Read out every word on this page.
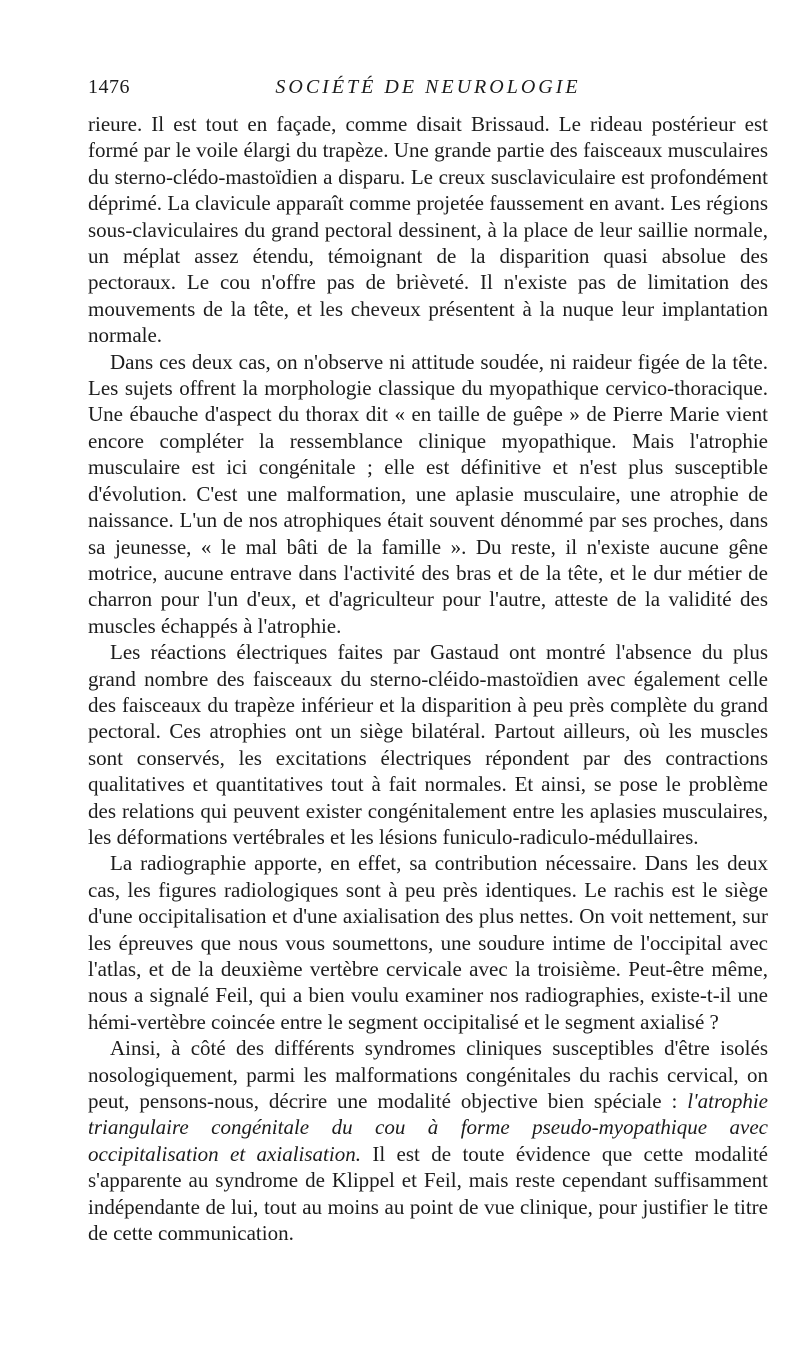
1476	SOCIÉTÉ DE NEUROLOGIE

rieure. Il est tout en façade, comme disait Brissaud. Le rideau postérieur est formé par le voile élargi du trapèze. Une grande partie des faisceaux musculaires du sterno-clédo-mastoïdien a disparu. Le creux susclaviculaire est profondément déprimé. La clavicule apparaît comme projetée faussement en avant. Les régions sous-claviculaires du grand pectoral dessinent, à la place de leur saillie normale, un méplat assez étendu, témoignant de la disparition quasi absolue des pectoraux. Le cou n'offre pas de brièveté. Il n'existe pas de limitation des mouvements de la tête, et les cheveux présentent à la nuque leur implantation normale.

Dans ces deux cas, on n'observe ni attitude soudée, ni raideur figée de la tête. Les sujets offrent la morphologie classique du myopathique cervico-thoracique. Une ébauche d'aspect du thorax dit « en taille de guêpe » de Pierre Marie vient encore compléter la ressemblance clinique myopathique. Mais l'atrophie musculaire est ici congénitale ; elle est définitive et n'est plus susceptible d'évolution. C'est une malformation, une aplasie musculaire, une atrophie de naissance. L'un de nos atrophiques était souvent dénommé par ses proches, dans sa jeunesse, « le mal bâti de la famille ». Du reste, il n'existe aucune gêne motrice, aucune entrave dans l'activité des bras et de la tête, et le dur métier de charron pour l'un d'eux, et d'agriculteur pour l'autre, atteste de la validité des muscles échappés à l'atrophie.

Les réactions électriques faites par Gastaud ont montré l'absence du plus grand nombre des faisceaux du sterno-cléido-mastoïdien avec également celle des faisceaux du trapèze inférieur et la disparition à peu près complète du grand pectoral. Ces atrophies ont un siège bilatéral. Partout ailleurs, où les muscles sont conservés, les excitations électriques répondent par des contractions qualitatives et quantitatives tout à fait normales. Et ainsi, se pose le problème des relations qui peuvent exister congénitalement entre les aplasies musculaires, les déformations vertébrales et les lésions funiculo-radiculo-médullaires.

La radiographie apporte, en effet, sa contribution nécessaire. Dans les deux cas, les figures radiologiques sont à peu près identiques. Le rachis est le siège d'une occipitalisation et d'une axialisation des plus nettes. On voit nettement, sur les épreuves que nous vous soumettons, une soudure intime de l'occipital avec l'atlas, et de la deuxième vertèbre cervicale avec la troisième. Peut-être même, nous a signalé Feil, qui a bien voulu examiner nos radiographies, existe-t-il une hémi-vertèbre coincée entre le segment occipitalisé et le segment axialisé ?

Ainsi, à côté des différents syndromes cliniques susceptibles d'être isolés nosologiquement, parmi les malformations congénitales du rachis cervical, on peut, pensons-nous, décrire une modalité objective bien spéciale : l'atrophie triangulaire congénitale du cou à forme pseudo-myopathique avec occipitalisation et axialisation. Il est de toute évidence que cette modalité s'apparente au syndrome de Klippel et Feil, mais reste cependant suffisamment indépendante de lui, tout au moins au point de vue clinique, pour justifier le titre de cette communication.
